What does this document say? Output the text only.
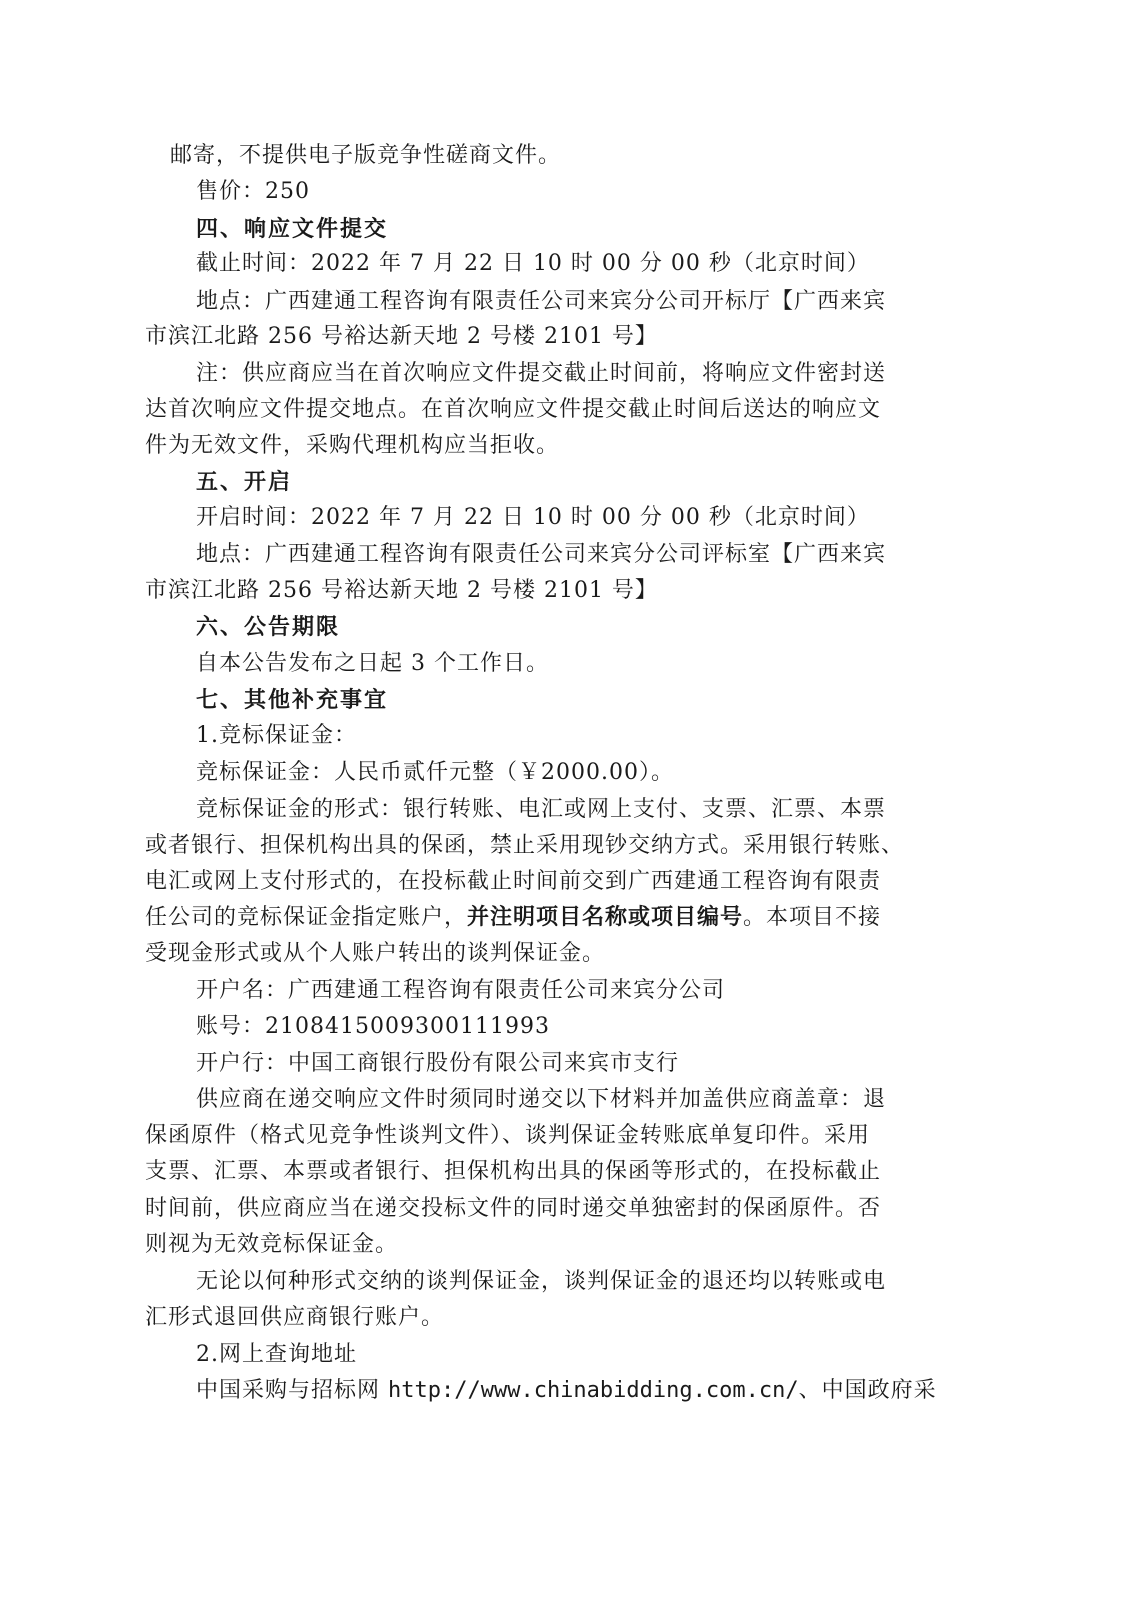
邮寄，不提供电子版竞争性磋商文件。
售价：250
四、响应文件提交
截止时间：2022 年 7 月 22 日 10 时 00 分 00 秒（北京时间）
地点：广西建通工程咨询有限责任公司来宾分公司开标厅【广西来宾
市滨江北路 256 号裕达新天地 2 号楼 2101 号】
注：供应商应当在首次响应文件提交截止时间前，将响应文件密封送
达首次响应文件提交地点。在首次响应文件提交截止时间后送达的响应文
件为无效文件，采购代理机构应当拒收。
五、开启
开启时间：2022 年 7 月 22 日 10 时 00 分 00 秒（北京时间）
地点：广西建通工程咨询有限责任公司来宾分公司评标室【广西来宾
市滨江北路 256 号裕达新天地 2 号楼 2101 号】
六、公告期限
自本公告发布之日起 3 个工作日。
七、其他补充事宜
1.竞标保证金：
竞标保证金：人民币贰仟元整（￥2000.00）。
竞标保证金的形式：银行转账、电汇或网上支付、支票、汇票、本票
或者银行、担保机构出具的保函，禁止采用现钞交纳方式。采用银行转账、
电汇或网上支付形式的，在投标截止时间前交到广西建通工程咨询有限责
任公司的竞标保证金指定账户，并注明项目名称或项目编号。本项目不接
受现金形式或从个人账户转出的谈判保证金。
开户名：广西建通工程咨询有限责任公司来宾分公司
账号：2108415009300111993
开户行：中国工商银行股份有限公司来宾市支行
供应商在递交响应文件时须同时递交以下材料并加盖供应商盖章：退
保函原件（格式见竞争性谈判文件）、谈判保证金转账底单复印件。采用
支票、汇票、本票或者银行、担保机构出具的保函等形式的，在投标截止
时间前，供应商应当在递交投标文件的同时递交单独密封的保函原件。否
则视为无效竞标保证金。
无论以何种形式交纳的谈判保证金，谈判保证金的退还均以转账或电
汇形式退回供应商银行账户。
2.网上查询地址
中国采购与招标网 http://www.chinabidding.com.cn/、中国政府采
